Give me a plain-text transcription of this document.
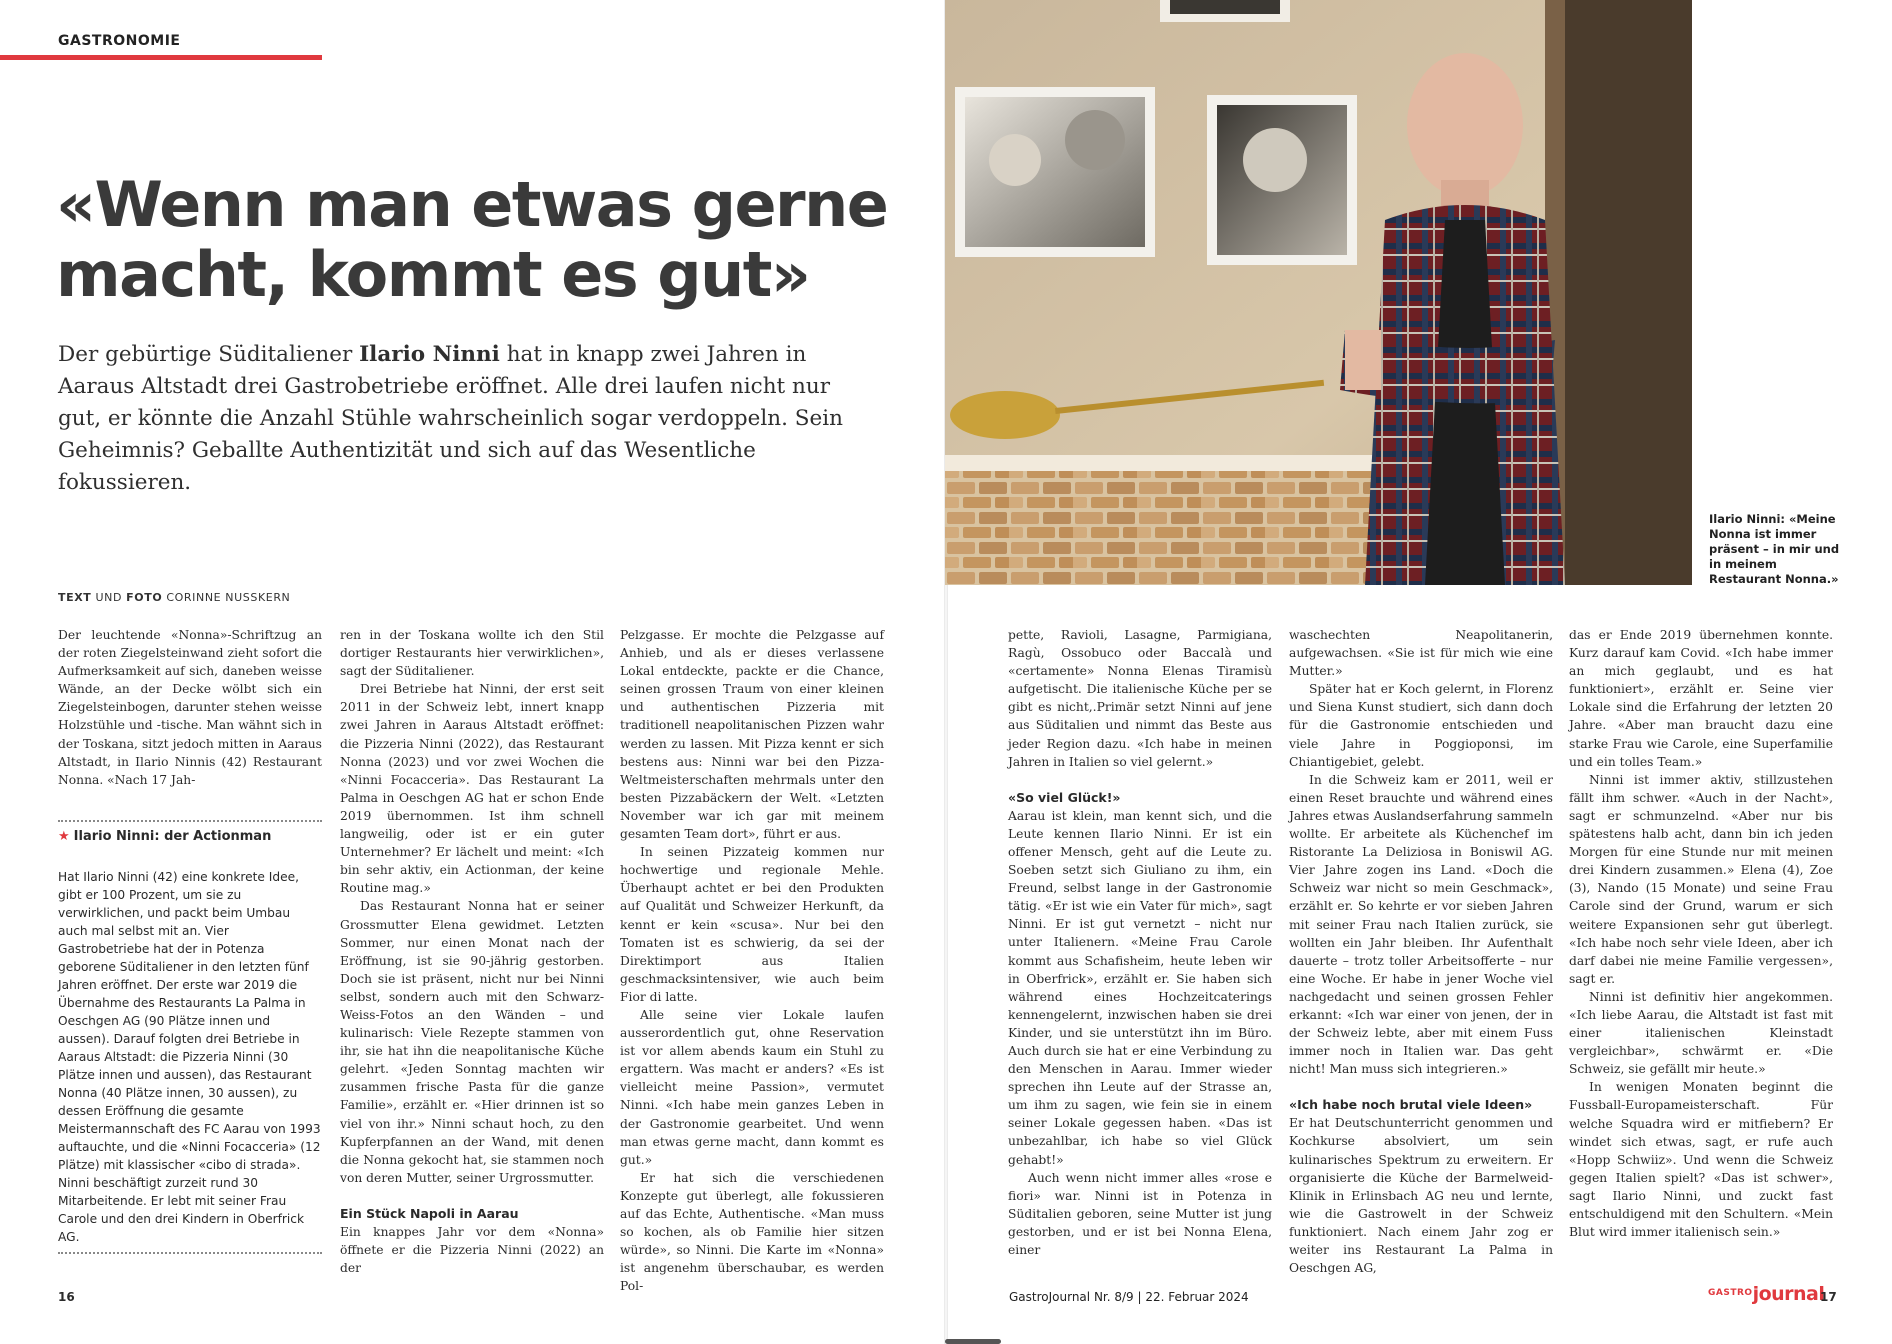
GASTRONOMIE
«Wenn man etwas gerne macht, kommt es gut»

Der gebürtige Süditaliener Ilario Ninni hat in knapp zwei Jahren in Aaraus Altstadt drei Gastrobetriebe eröffnet. Alle drei laufen nicht nur gut, er könnte die Anzahl Stühle wahrscheinlich sogar verdoppeln. Sein Geheimnis? Geballte Authentizität und sich auf das Wesentliche fokussieren.

TEXT UND FOTO CORINNE NUSSKERN

Der leuchtende «Nonna»-Schriftzug an der roten Ziegelsteinwand zieht sofort die Aufmerksamkeit auf sich, daneben weisse Wände, an der Decke wölbt sich ein Ziegelsteinbogen, darunter stehen weisse Holzstühle und -tische. Man wähnt sich in der Toskana, sitzt jedoch mitten in Aaraus Altstadt, in Ilario Ninnis (42) Restaurant Nonna. «Nach 17 Jah-

★ Ilario Ninni: der Actionman
Hat Ilario Ninni (42) eine konkrete Idee, gibt er 100 Prozent, um sie zu verwirklichen, und packt beim Umbau auch mal selbst mit an. Vier Gastrobetriebe hat der in Potenza geborene Süditaliener in den letzten fünf Jahren eröffnet. Der erste war 2019 die Übernahme des Restaurants La Palma in Oeschgen AG (90 Plätze innen und aussen). Darauf folgten drei Betriebe in Aaraus Altstadt: die Pizzeria Ninni (30 Plätze innen und aussen), das Restaurant Nonna (40 Plätze innen, 30 aussen), zu dessen Eröffnung die gesamte Meistermannschaft des FC Aarau von 1993 auftauchte, und die «Ninni Focacceria» (12 Plätze) mit klassischer «cibo di strada». Ninni beschäftigt zurzeit rund 30 Mitarbeitende. Er lebt mit seiner Frau Carole und den drei Kindern in Oberfrick AG.

ren in der Toskana wollte ich den Stil dortiger Restaurants hier verwirklichen», sagt der Süditaliener.

Drei Betriebe hat Ninni, der erst seit 2011 in der Schweiz lebt, innert knapp zwei Jahren in Aaraus Altstadt eröffnet: die Pizzeria Ninni (2022), das Restaurant Nonna (2023) und vor zwei Wochen die «Ninni Focacceria». Das Restaurant La Palma in Oeschgen AG hat er schon Ende 2019 übernommen. Ist ihm schnell langweilig, oder ist er ein guter Unternehmer? Er lächelt und meint: «Ich bin sehr aktiv, ein Actionman, der keine Routine mag.»

Das Restaurant Nonna hat er seiner Grossmutter Elena gewidmet. Letzten Sommer, nur einen Monat nach der Eröffnung, ist sie 90-jährig gestorben. Doch sie ist präsent, nicht nur bei Ninni selbst, sondern auch mit den Schwarz-Weiss-Fotos an den Wänden – und kulinarisch: Viele Rezepte stammen von ihr, sie hat ihn die neapolitanische Küche gelehrt. «Jeden Sonntag machten wir zusammen frische Pasta für die ganze Familie», erzählt er. «Hier drinnen ist so viel von ihr.» Ninni schaut hoch, zu den Kupferpfannen an der Wand, mit denen die Nonna gekocht hat, sie stammen noch von deren Mutter, seiner Urgrossmutter.

Ein Stück Napoli in Aarau

Ein knappes Jahr vor dem «Nonna» öffnete er die Pizzeria Ninni (2022) an der

Pelzgasse. Er mochte die Pelzgasse auf Anhieb, und als er dieses verlassene Lokal entdeckte, packte er die Chance, seinen grossen Traum von einer kleinen und authentischen Pizzeria mit traditionell neapolitanischen Pizzen wahr werden zu lassen. Mit Pizza kennt er sich bestens aus: Ninni war bei den Pizza-Weltmeisterschaften mehrmals unter den besten Pizzabäckern der Welt. «Letzten November war ich gar mit meinem gesamten Team dort», führt er aus.

In seinen Pizzateig kommen nur hochwertige und regionale Mehle. Überhaupt achtet er bei den Produkten auf Qualität und Schweizer Herkunft, da kennt er kein «scusa». Nur bei den Tomaten ist es schwierig, da sei der Direktimport aus Italien geschmacksintensiver, wie auch beim Fior di latte.

Alle seine vier Lokale laufen ausserordentlich gut, ohne Reservation ist vor allem abends kaum ein Stuhl zu ergattern. Was macht er anders? «Es ist vielleicht meine Passion», vermutet Ninni. «Ich habe mein ganzes Leben in der Gastronomie gearbeitet. Und wenn man etwas gerne macht, dann kommt es gut.»

Er hat sich die verschiedenen Konzepte gut überlegt, alle fokussieren auf das Echte, Authentische. «Man muss so kochen, als ob Familie hier sitzen würde», so Ninni. Die Karte im «Nonna» ist angenehm überschaubar, es werden Pol-

pette, Ravioli, Lasagne, Parmigiana, Ragù, Ossobuco oder Baccalà und «certamente» Nonna Elenas Tiramisù aufgetischt. Die italienische Küche per se gibt es nicht,.Primär setzt Ninni auf jene aus Süditalien und nimmt das Beste aus jeder Region dazu. «Ich habe in meinen Jahren in Italien so viel gelernt.»

«So viel Glück!»

Aarau ist klein, man kennt sich, und die Leute kennen Ilario Ninni. Er ist ein offener Mensch, geht auf die Leute zu. Soeben setzt sich Giuliano zu ihm, ein Freund, selbst lange in der Gastronomie tätig. «Er ist wie ein Vater für mich», sagt Ninni. Er ist gut vernetzt – nicht nur unter Italienern. «Meine Frau Carole kommt aus Schafisheim, heute leben wir in Oberfrick», erzählt er. Sie haben sich während eines Hochzeitcaterings kennengelernt, inzwischen haben sie drei Kinder, und sie unterstützt ihn im Büro. Auch durch sie hat er eine Verbindung zu den Menschen in Aarau. Immer wieder sprechen ihn Leute auf der Strasse an, um ihm zu sagen, wie fein sie in einem seiner Lokale gegessen haben. «Das ist unbezahlbar, ich habe so viel Glück gehabt!»

Auch wenn nicht immer alles «rose e fiori» war. Ninni ist in Potenza in Süditalien geboren, seine Mutter ist jung gestorben, und er ist bei Nonna Elena, einer

waschechten Neapolitanerin, aufgewachsen. «Sie ist für mich wie eine Mutter.»

Später hat er Koch gelernt, in Florenz und Siena Kunst studiert, sich dann doch für die Gastronomie entschieden und viele Jahre in Poggioponsi, im Chiantigebiet, gelebt.

In die Schweiz kam er 2011, weil er einen Reset brauchte und während eines Jahres etwas Auslandserfahrung sammeln wollte. Er arbeitete als Küchenchef im Ristorante La Deliziosa in Boniswil AG. Vier Jahre zogen ins Land. «Doch die Schweiz war nicht so mein Geschmack», erzählt er. So kehrte er vor sieben Jahren mit seiner Frau nach Italien zurück, sie wollten ein Jahr bleiben. Ihr Aufenthalt dauerte – trotz toller Arbeitsofferte – nur eine Woche. Er habe in jener Woche viel nachgedacht und seinen grossen Fehler erkannt: «Ich war einer von jenen, der in der Schweiz lebte, aber mit einem Fuss immer noch in Italien war. Das geht nicht! Man muss sich integrieren.»

«Ich habe noch brutal viele Ideen»

Er hat Deutschunterricht genommen und Kochkurse absolviert, um sein kulinarisches Spektrum zu erweitern. Er organisierte die Küche der Barmelweid-Klinik in Erlinsbach AG neu und lernte, wie die Gastrowelt in der Schweiz funktioniert. Nach einem Jahr zog er weiter ins Restaurant La Palma in Oeschgen AG,

das er Ende 2019 übernehmen konnte. Kurz darauf kam Covid. «Ich habe immer an mich geglaubt, und es hat funktioniert», erzählt er. Seine vier Lokale sind die Erfahrung der letzten 20 Jahre. «Aber man braucht dazu eine starke Frau wie Carole, eine Superfamilie und ein tolles Team.»

Ninni ist immer aktiv, stillzustehen fällt ihm schwer. «Auch in der Nacht», sagt er schmunzelnd. «Aber nur bis spätestens halb acht, dann bin ich jeden Morgen für eine Stunde nur mit meinen drei Kindern zusammen.» Elena (4), Zoe (3), Nando (15 Monate) und seine Frau Carole sind der Grund, warum er sich weitere Expansionen sehr gut überlegt. «Ich habe noch sehr viele Ideen, aber ich darf dabei nie meine Familie vergessen», sagt er.

Ninni ist definitiv hier angekommen. «Ich liebe Aarau, die Altstadt ist fast mit einer italienischen Kleinstadt vergleichbar», schwärmt er. «Die Schweiz, sie gefällt mir heute.»

In wenigen Monaten beginnt die Fussball-Europameisterschaft. Für welche Squadra wird er mitfiebern? Er windet sich etwas, sagt, er rufe auch «Hopp Schwiiz». Und wenn die Schweiz gegen Italien spielt? «Das ist schwer», sagt Ilario Ninni, und zuckt fast entschuldigend mit den Schultern. «Mein Blut wird immer italienisch sein.»

Ilario Ninni: «Meine Nonna ist immer präsent – in mir und in meinem Restaurant Nonna.»
16	GastroJournal Nr. 8/9 | 22. Februar 2024	$^{GASTRO}$journal
17
